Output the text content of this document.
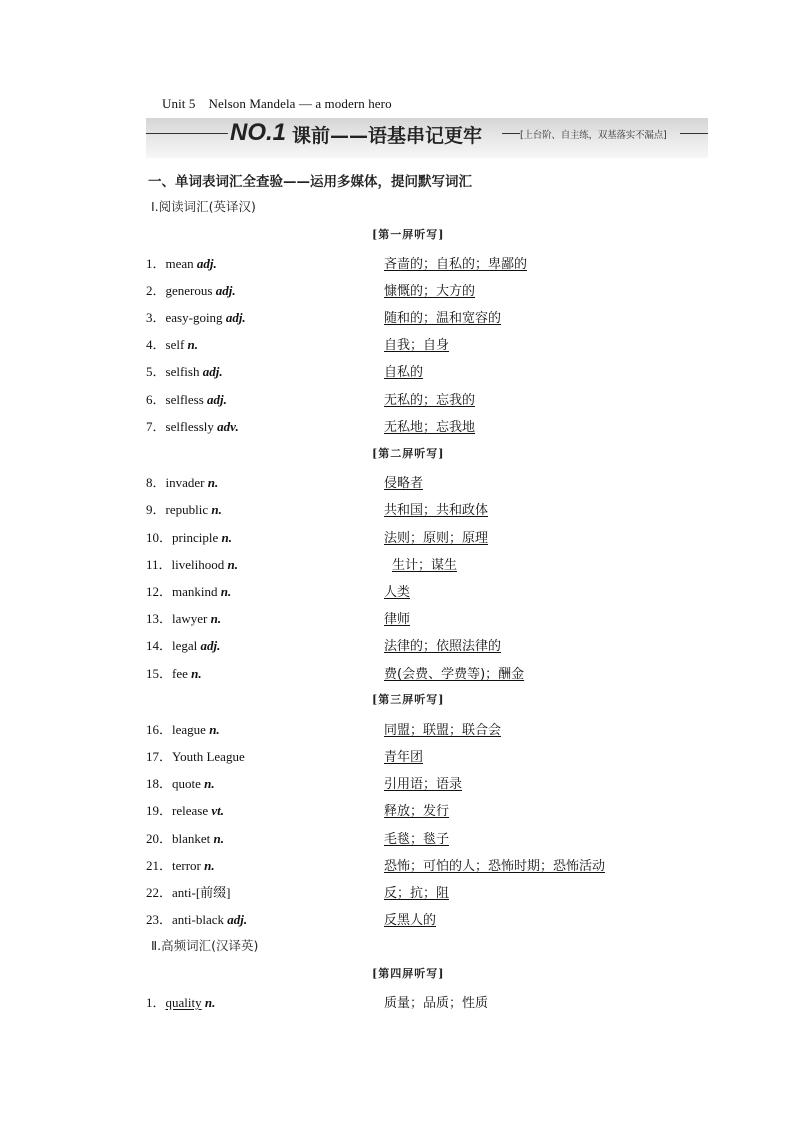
Unit 5 Nelson Mandela — a modern hero
NO.1 课前——语基串记更牢	[上台阶、自主练，双基落实不漏点]
一、单词表词汇全查验——运用多媒体，提问默写词汇
Ⅰ.阅读词汇(英译汉)
[第一屏听写]
1．mean adj.	吝啬的；自私的；卑鄙的
2．generous adj.	慷慨的；大方的
3．easy-going adj.	随和的；温和宽容的
4．self n.	自我；自身
5．selfish adj.	自私的
6．selfless adj.	无私的；忘我的
7．selflessly adv.	无私地；忘我地
[第二屏听写]
8．invader n.	侵略者
9．republic n.	共和国；共和政体
10．principle n.	法则；原则；原理
11．livelihood n.	生计；谋生
12．mankind n.	人类
13．lawyer n.	律师
14．legal adj.	法律的；依照法律的
15．fee n.	费(会费、学费等)；酬金
[第三屏听写]
16．league n.	同盟；联盟；联合会
17．Youth League	青年团
18．quote n.	引用语；语录
19．release vt.	释放；发行
20．blanket n.	毛毯；毯子
21．terror n.	恐怖；可怕的人；恐怖时期；恐怖活动
22．anti-[前缀]	反；抗；阻
23．anti-black adj.	反黑人的
Ⅱ.高频词汇(汉译英)
[第四屏听写]
1．quality n.	质量；品质；性质
